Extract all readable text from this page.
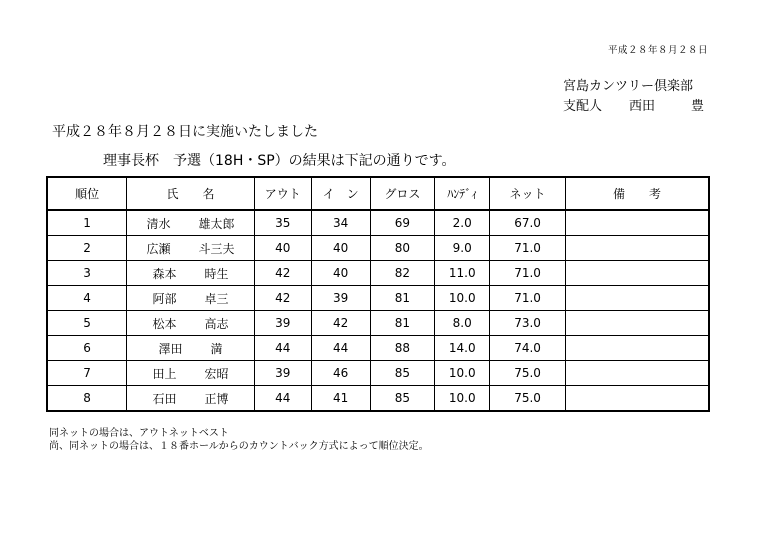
平成２８年８月２８日
宮島カンツリー倶楽部
支配人	西田	豊
平成２８年８月２８日に実施いたしました
理事長杯　予選（18H・SP）の結果は下記の通りです。
順位	氏　　名	アウト	イ　ン	グロス	ﾊﾝﾃﾞｨ	ネット	備　　考
1	清水 雄太郎	35	34	69	2.0	67.0	
2	広瀬 斗三夫	40	40	80	9.0	71.0	
3	森本 時生	42	40	82	11.0	71.0	
4	阿部 卓三	42	39	81	10.0	71.0	
5	松本 高志	39	42	81	8.0	73.0	
6	澤田 満	44	44	88	14.0	74.0	
7	田上 宏昭	39	46	85	10.0	75.0	
8	石田 正博	44	41	85	10.0	75.0	
同ネットの場合は、アウトネットベスト
尚、同ネットの場合は、１８番ホールからのカウントバック方式によって順位決定。
